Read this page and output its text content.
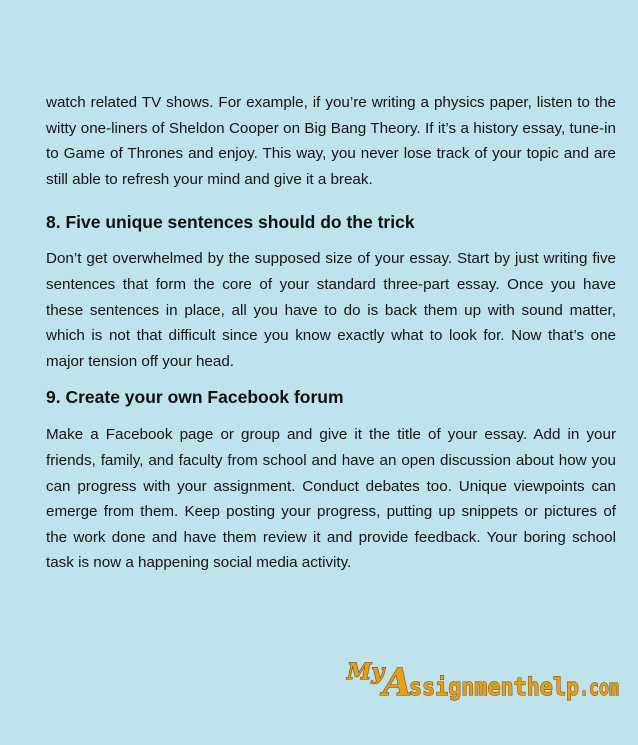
watch related TV shows. For example, if you’re writing a physics paper, listen to the witty one-liners of Sheldon Cooper on Big Bang Theory. If it’s a history essay, tune-in to Game of Thrones and enjoy. This way, you never lose track of your topic and are still able to refresh your mind and give it a break.

8. Five unique sentences should do the trick

Don’t get overwhelmed by the supposed size of your essay. Start by just writing five sentences that form the core of your standard three-part essay. Once you have these sentences in place, all you have to do is back them up with sound matter, which is not that difficult since you know exactly what to look for. Now that’s one major tension off your head.

9. Create your own Facebook forum

Make a Facebook page or group and give it the title of your essay. Add in your friends, family, and faculty from school and have an open discussion about how you can progress with your assignment. Conduct debates too. Unique viewpoints can emerge from them. Keep posting your progress, putting up snippets or pictures of the work done and have them review it and provide feedback. Your boring school task is now a happening social media activity.

My
A
ssignmenthelp .com
